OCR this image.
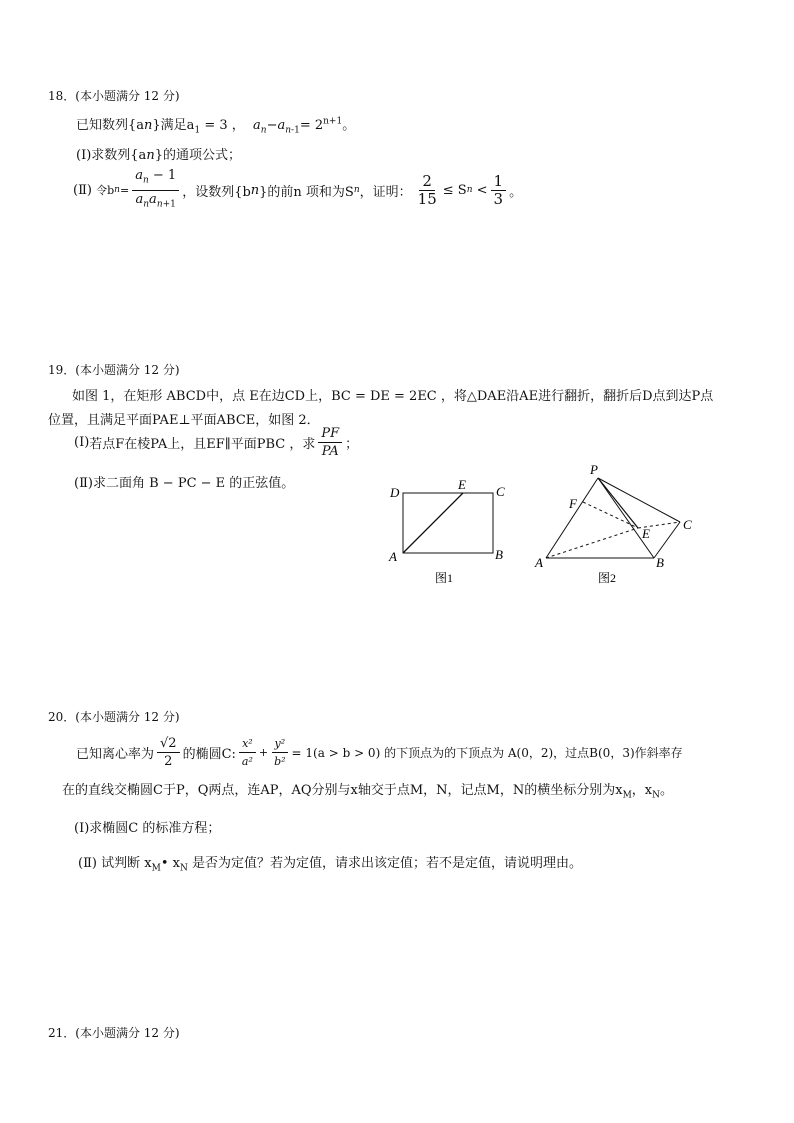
18．(本小题满分 12 分)
已知数列{an}满足$a_1 = 3$ ， $a_n-a_{n-1}= 2^{n+1}$。
(Ⅰ)求数列{an}的通项公式；
(Ⅱ)
令b $n = \frac{a_n - 1}{a_na_{n+1}}$ ，设数列{b n }的前n 项和为S n ，证明： $\frac{2}{15} \le S$ n
< $\frac{1}{3}$ 。
19．(本小题满分 12 分)
如图 1，在矩形 ABCD中，点 E在边CD上，BC = DE = 2EC ，将△DAE沿AE进行翻折，翻折后D点到达P点
位置，且满足平面PAE⊥平面ABCE，如图 2．
(Ⅰ) 若点F在棱PA上，且EF∥平面PBC ，求 $\frac{PF}{PA}$ ；
(Ⅱ)求二面角 B − PC − E 的正弦值。
D
E C
A	B
图1
P
F
C
E
A	B
图2
20．(本小题满分 12 分)
已知离心率为 $\frac{√2}{2}$ 的椭圆C: $\frac{\text{x²}}{\text{a²}} + \frac{\text{y²}}{\text{b²}} = 1(a > b > 0)$ 的下顶点为的下顶点为 A(0，2)，过点B(0，3)作斜率存
在的直线交椭圆C于P，Q两点，连AP，AQ分别与x轴交于点M，N，记点M，N的横坐标分别为$x_M$，$x_N$。
(Ⅰ)求椭圆C 的标准方程；
(Ⅱ) 试判断 $x_M•$ $x_N$ 是否为定值？若为定值，请求出该定值；若不是定值，请说明理由。
21．(本小题满分 12 分)
